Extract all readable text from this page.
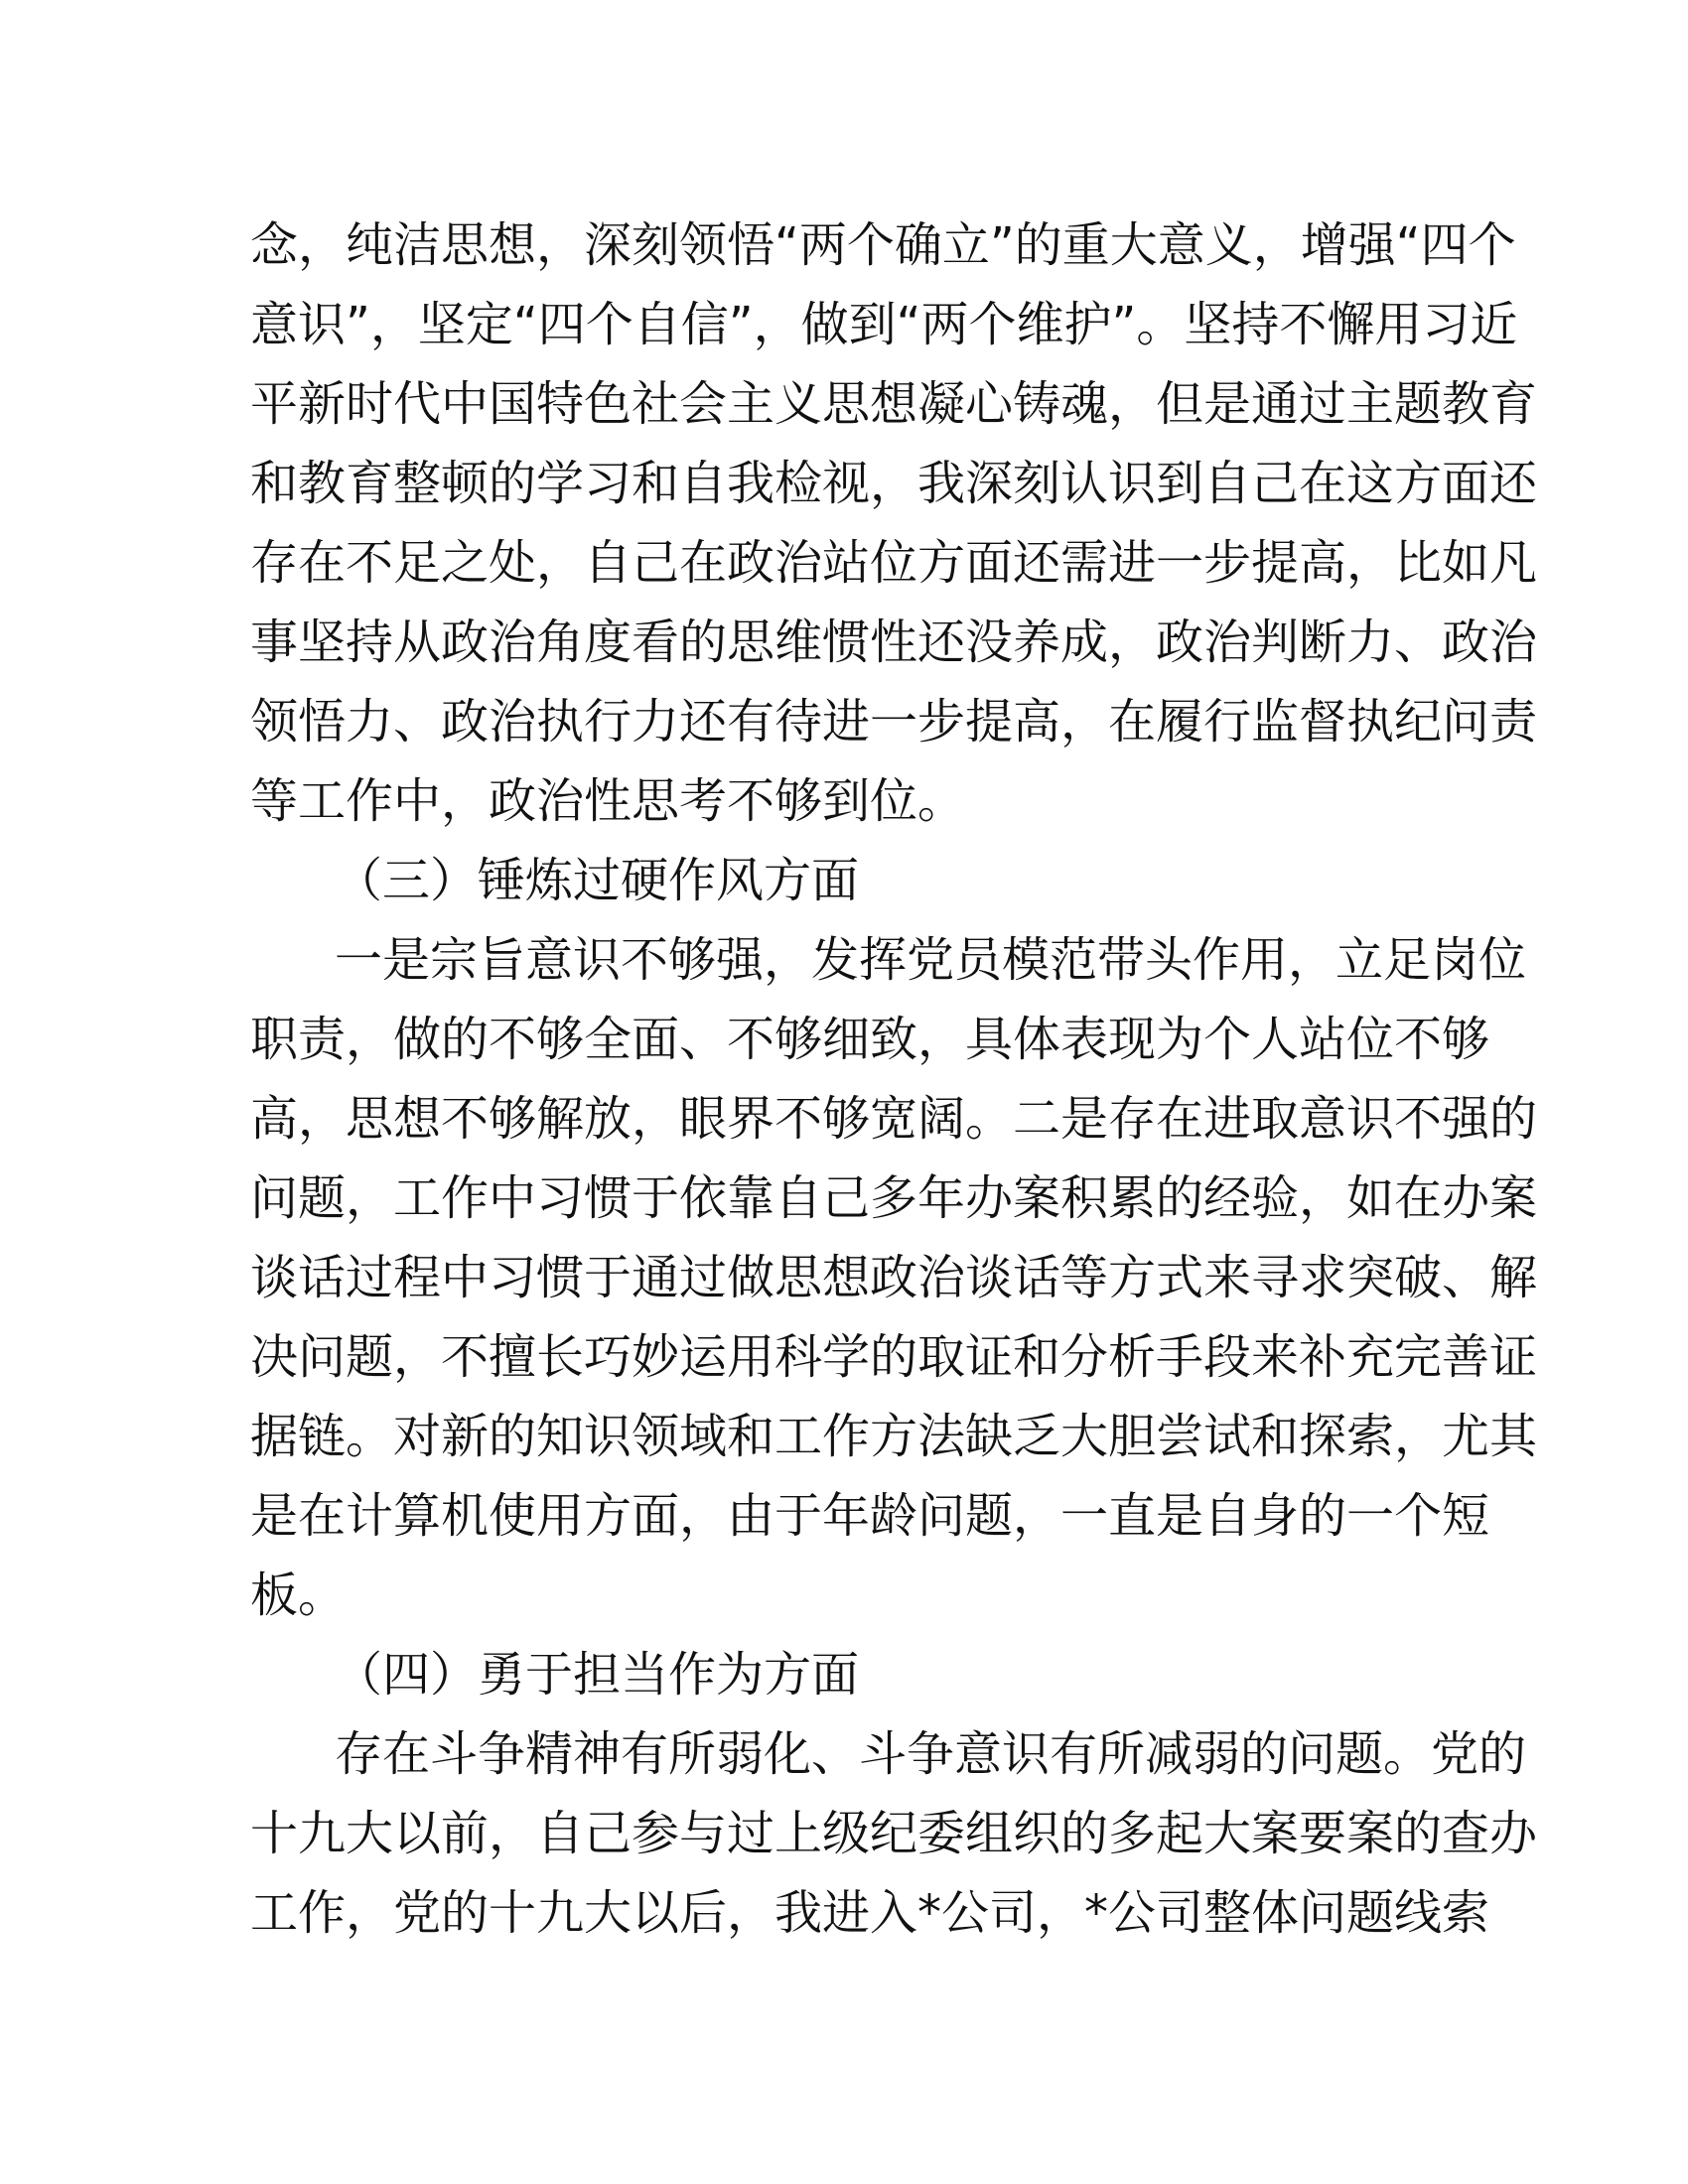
念，纯洁思想，深刻领悟“两个确立”的重大意义，增强“四个
意识”，坚定“四个自信”，做到“两个维护”。坚持不懈用习近
平新时代中国特色社会主义思想凝心铸魂，但是通过主题教育
和教育整顿的学习和自我检视，我深刻认识到自己在这方面还
存在不足之处，自己在政治站位方面还需进一步提高，比如凡
事坚持从政治角度看的思维惯性还没养成，政治判断力、政治
领悟力、政治执行力还有待进一步提高，在履行监督执纪问责
等工作中，政治性思考不够到位。
（三）锤炼过硬作风方面
一是宗旨意识不够强，发挥党员模范带头作用，立足岗位
职责，做的不够全面、不够细致，具体表现为个人站位不够
高，思想不够解放，眼界不够宽阔。二是存在进取意识不强的
问题，工作中习惯于依靠自己多年办案积累的经验，如在办案
谈话过程中习惯于通过做思想政治谈话等方式来寻求突破、解
决问题，不擅长巧妙运用科学的取证和分析手段来补充完善证
据链。对新的知识领域和工作方法缺乏大胆尝试和探索，尤其
是在计算机使用方面，由于年龄问题，一直是自身的一个短
板。
（四）勇于担当作为方面
存在斗争精神有所弱化、斗争意识有所减弱的问题。党的
十九大以前，自己参与过上级纪委组织的多起大案要案的查办
工作，党的十九大以后，我进入*公司，*公司整体问题线索
